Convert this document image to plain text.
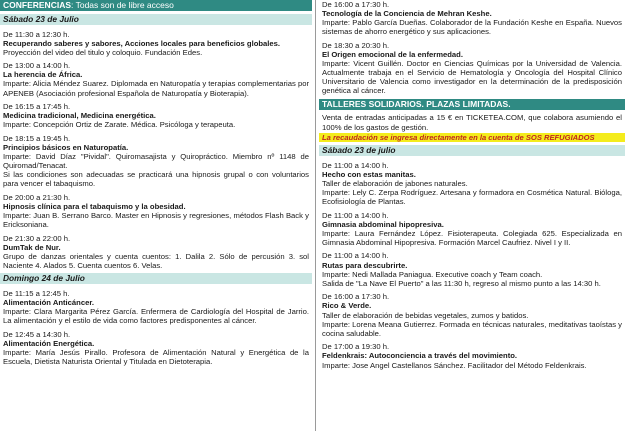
CONFERENCIAS: Todas son de libre acceso
Sábado 23 de Julio

De 11:30 a 12:30 h.

Recuperando saberes y sabores, Acciones locales para beneficios globales.

Proyección del video del titulo y coloquio. Fundación Edes.

De 13:00 a 14:00 h.

La herencia de África.

Imparte: Alicia Méndez Suarez. Diplomada en Naturopatía y terapias complementarias por APENEB (Asociación profesional Española de Naturopatía y Bioterapia).

De 16:15 a 17:45 h.

Medicina tradicional, Medicina energética.

Imparte: Concepción Ortiz de Zarate. Médica. Psicóloga y terapeuta.

De 18:15 a 19:45 h.

Principios básicos en Naturopatía.

Imparte: David Díaz "Pividal". Quiromasajista y Quiropráctico. Miembro nº 1148 de Quiromad/Tenacat.

Si las condiciones son adecuadas se practicará una hipnosis grupal o con voluntarios para vencer el tabaquismo.

De 20:00 a 21:30 h.

Hipnosis clínica para el tabaquismo y la obesidad.

Imparte: Juan B. Serrano Barco. Master en Hipnosis y regresiones, métodos Flash Back y Ericksoniana.

De 21:30 a 22:00 h.

DumTak de Nur.

Grupo de danzas orientales y cuenta cuentos: 1. Dalila 2. Sólo de percusión 3. sol Naciente 4. Alados 5. Cuenta cuentos 6. Velas.

Domingo 24 de Julio

De 11:15 a 12:45 h.

Alimentación Anticáncer.

Imparte: Clara Margarita Pérez García. Enfermera de Cardiología del Hospital de Jarrio. La alimentación y el estilo de vida como factores predisponentes al cáncer.

De 12:45 a 14:30 h.

Alimentación Energética.

Imparte: María Jesús Pirallo. Profesora de Alimentación Natural y Energética de la Escuela, Dietista Naturista Oriental y Titulada en Dietoterapia.

De 16:00 a 17:30 h.

Tecnología de la Conciencia de Mehran Keshe.

Imparte: Pablo García Dueñas. Colaborador de la Fundación Keshe en España. Nuevos sistemas de ahorro energético y sus aplicaciones.

De 18:30 a 20:30 h.

El Origen emocional de la enfermedad.

Imparte: Vicent Guillén. Doctor en Ciencias Químicas por la Universidad de Valencia. Actualmente trabaja en el Servicio de Hematología y Oncología del Hospital Clínico Universitario de Valencia como investigador en la determinación de la predisposición genética al cáncer.

TALLERES SOLIDARIOS. PLAZAS LIMITADAS.
Venta de entradas anticipadas a 15 € en TICKETEA.COM, que colabora asumiendo el 100% de los gastos de gestión.
La recaudación se ingresa directamente en la cuenta de SOS REFUGIADOS
Sábado 23 de julio

De 11:00 a 14:00 h.

Hecho con estas manitas.

Taller de elaboración de jabones naturales.

Imparte: Lely C. Zerpa Rodríguez. Artesana y formadora en Cosmética Natural. Bióloga, Ecofisiología de Plantas.

De 11:00 a 14:00 h.

Gimnasia abdominal hipopresiva.

Imparte: Laura Fernández López. Fisioterapeuta. Colegiada 625. Especializada en Gimnasia Abdominal Hipopresiva. Formación Marcel Caufriez. Nivel I y II.

De 11:00 a 14:00 h.

Rutas para descubrirte.

Imparte: Nedi Mallada Paniagua. Executive coach y Team coach.

Salida de "La Nave El Puerto" a las 11:30 h, regreso al mismo punto a las 14:30 h.

De 16:00 a 17:30 h.

Rico & Verde.

Taller de elaboración de bebidas vegetales, zumos y batidos.

Imparte: Lorena Meana Gutierrez. Formada en técnicas naturales, meditativas taoístas y cocina saludable.

De 17:00 a 19:30 h.

Feldenkrais: Autoconciencia a través del movimiento.

Imparte: Jose Angel Castellanos Sánchez. Facilitador del Método Feldenkrais.
